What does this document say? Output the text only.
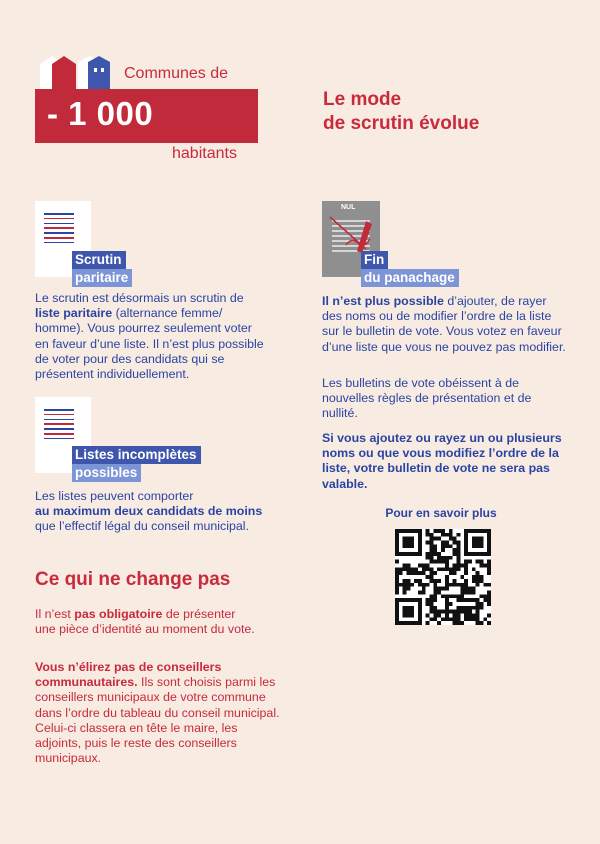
- 1 000
Communes de
habitants
Le mode
de scrutin évolue
Scrutin
paritaire
Le scrutin est désormais un scrutin de liste paritaire (alternance femme/ homme). Vous pourrez seulement voter en faveur d’une liste. Il n’est plus possible de voter pour des candidats qui se présentent individuellement.
Listes incomplètes
possibles
Les listes peuvent comporter
au maximum deux candidats de moins
que l’effectif légal du conseil municipal.
Ce qui ne change pas
Il n’est pas obligatoire de présenter une pièce d’identité au moment du vote.
Vous n’élirez pas de conseillers communautaires. Ils sont choisis parmi les conseillers municipaux de votre commune dans l’ordre du tableau du conseil municipal. Celui-ci classera en tête le maire, les adjoints, puis le reste des conseillers municipaux.
NUL
Fin
du panachage
Il n’est plus possible d’ajouter, de rayer des noms ou de modifier l’ordre de la liste sur le bulletin de vote. Vous votez en faveur d’une liste que vous ne pouvez pas modifier.
Les bulletins de vote obéissent à de nouvelles règles de présentation et de nullité.
Si vous ajoutez ou rayez un ou plusieurs noms ou que vous modifiez l’ordre de la liste, votre bulletin de vote ne sera pas valable.
Pour en savoir plus
